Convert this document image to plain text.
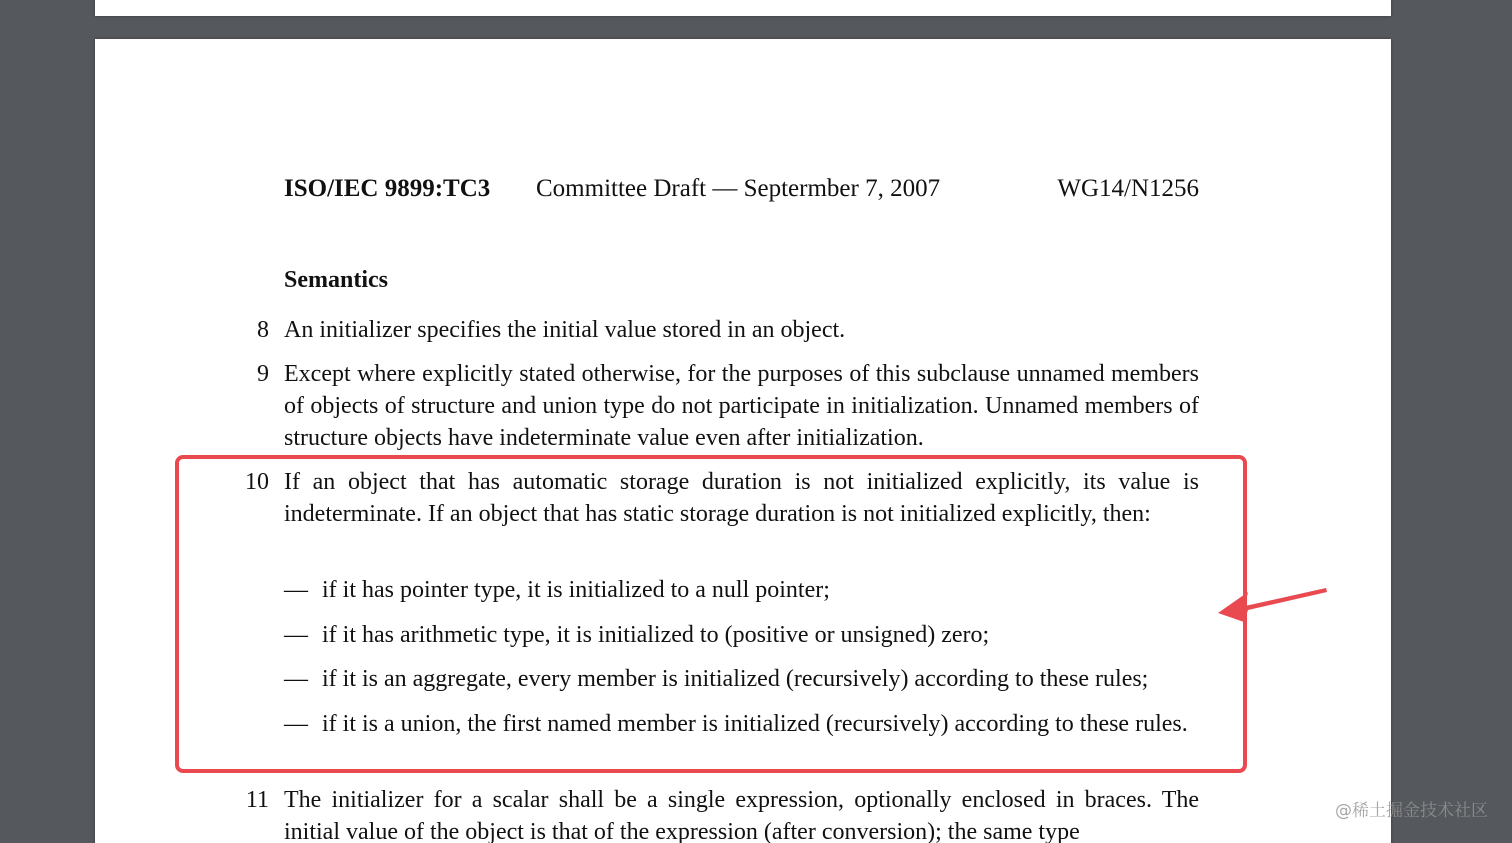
ISO/IEC 9899:TC3 Committee Draft — Septermber 7, 2007	WG14/N1256
Semantics
8 An initializer specifies the initial value stored in an object.
9 Except where explicitly stated otherwise, for the purposes of this subclause unnamed members of objects of structure and union type do not participate in initialization. Unnamed members of structure objects have indeterminate value even after initialization.
10 If an object that has automatic storage duration is not initialized explicitly, its value is indeterminate. If an object that has static storage duration is not initialized explicitly, then:
— if it has pointer type, it is initialized to a null pointer;
— if it has arithmetic type, it is initialized to (positive or unsigned) zero;
— if it is an aggregate, every member is initialized (recursively) according to these rules;
— if it is a union, the first named member is initialized (recursively) according to these rules.
11 The initializer for a scalar shall be a single expression, optionally enclosed in braces. The initial value of the object is that of the expression (after conversion); the same type
@稀土掘金技术社区
